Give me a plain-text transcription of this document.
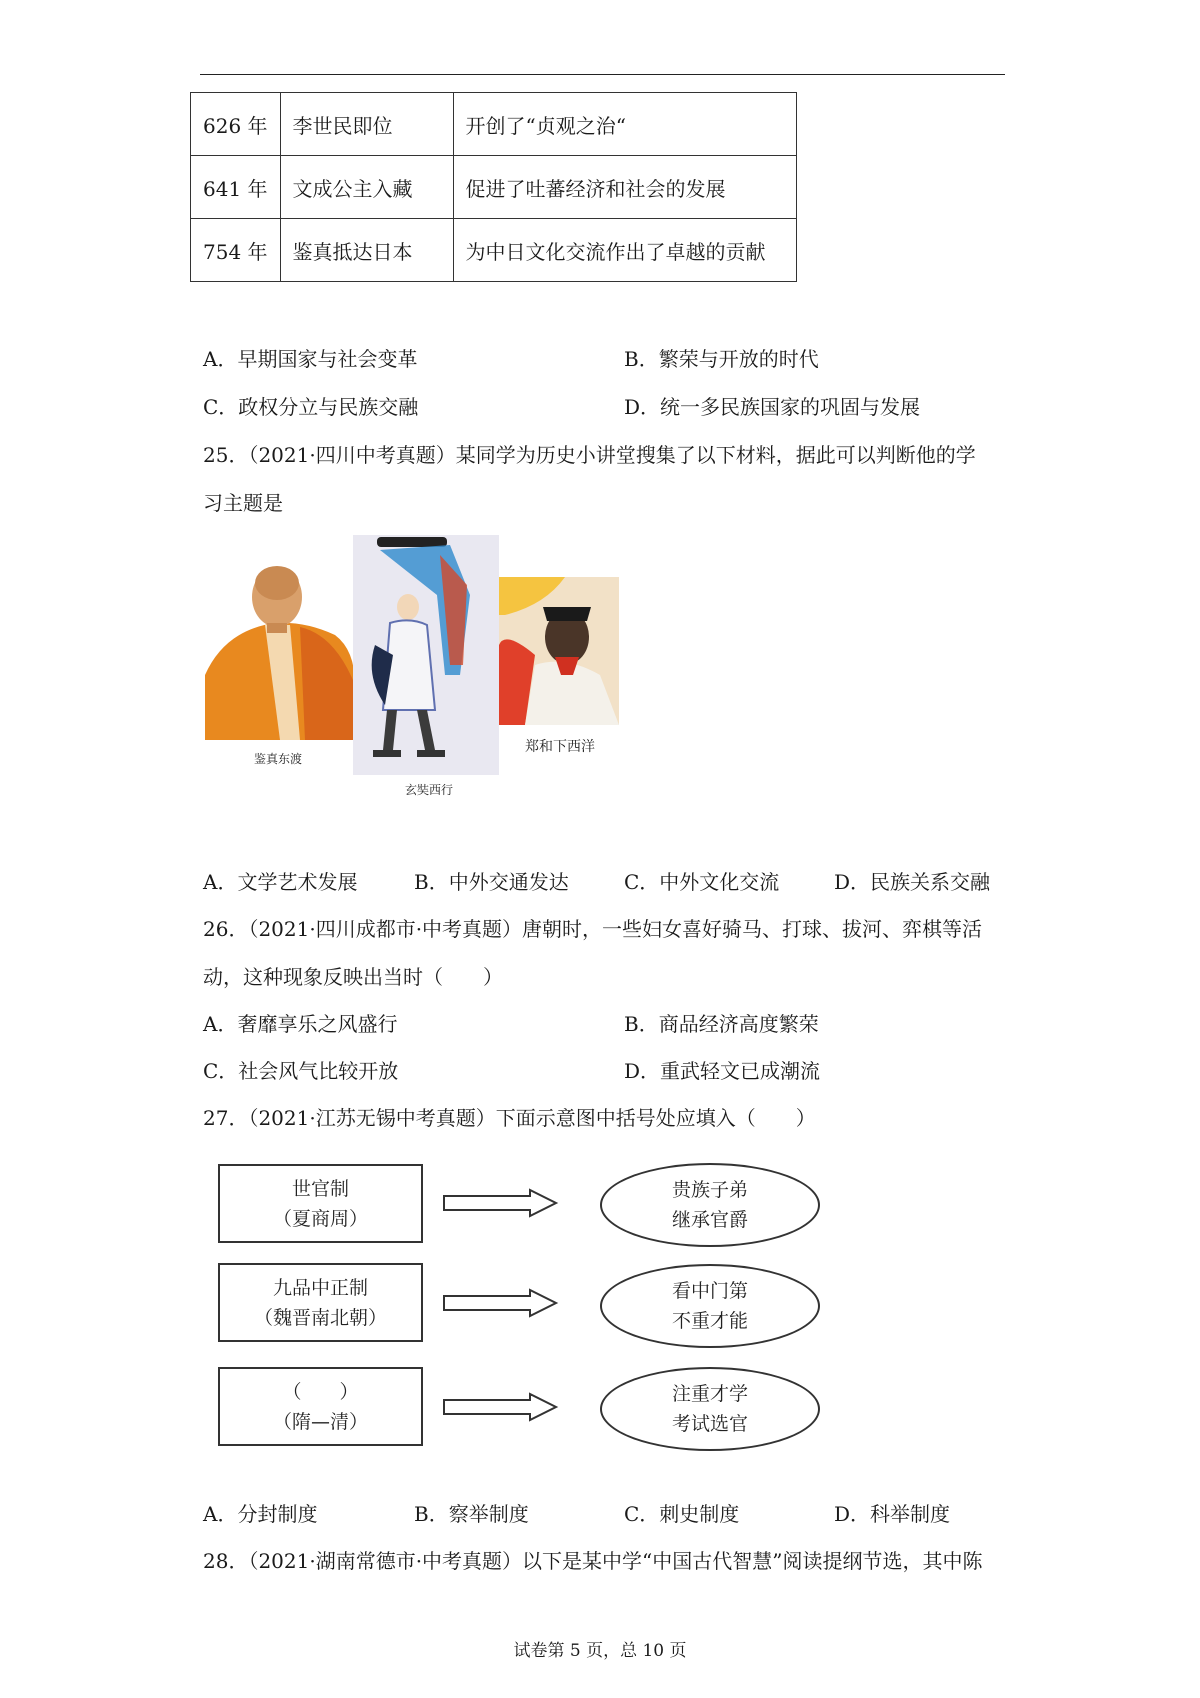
626 年	李世民即位	开创了“贞观之治“
641 年	文成公主入藏	促进了吐蕃经济和社会的发展
754 年	鉴真抵达日本	为中日文化交流作出了卓越的贡献
A．早期国家与社会变革	B．繁荣与开放的时代
C．政权分立与民族交融	D．统一多民族国家的巩固与发展
25．（2021·四川中考真题）某同学为历史小讲堂搜集了以下材料，据此可以判断他的学
习主题是
鉴真东渡
玄奘西行
郑和下西洋
A．文学艺术发展	B．中外交通发达	C．中外文化交流	D．民族关系交融
26．（2021·四川成都市·中考真题）唐朝时，一些妇女喜好骑马、打球、拔河、弈棋等活
动，这种现象反映出当时（　　）
A．奢靡享乐之风盛行	B．商品经济高度繁荣
C．社会风气比较开放	D．重武轻文已成潮流
27．（2021·江苏无锡中考真题）下面示意图中括号处应填入（　　）
世官制
（夏商周）
九品中正制
（魏晋南北朝）
（　　）
（隋—清）
贵族子弟
继承官爵
看中门第
不重才能
注重才学
考试选官
A．分封制度	B．察举制度	C．刺史制度	D．科举制度
28．（2021·湖南常德市·中考真题）以下是某中学“中国古代智慧”阅读提纲节选，其中陈
试卷第 5 页，总 10 页
